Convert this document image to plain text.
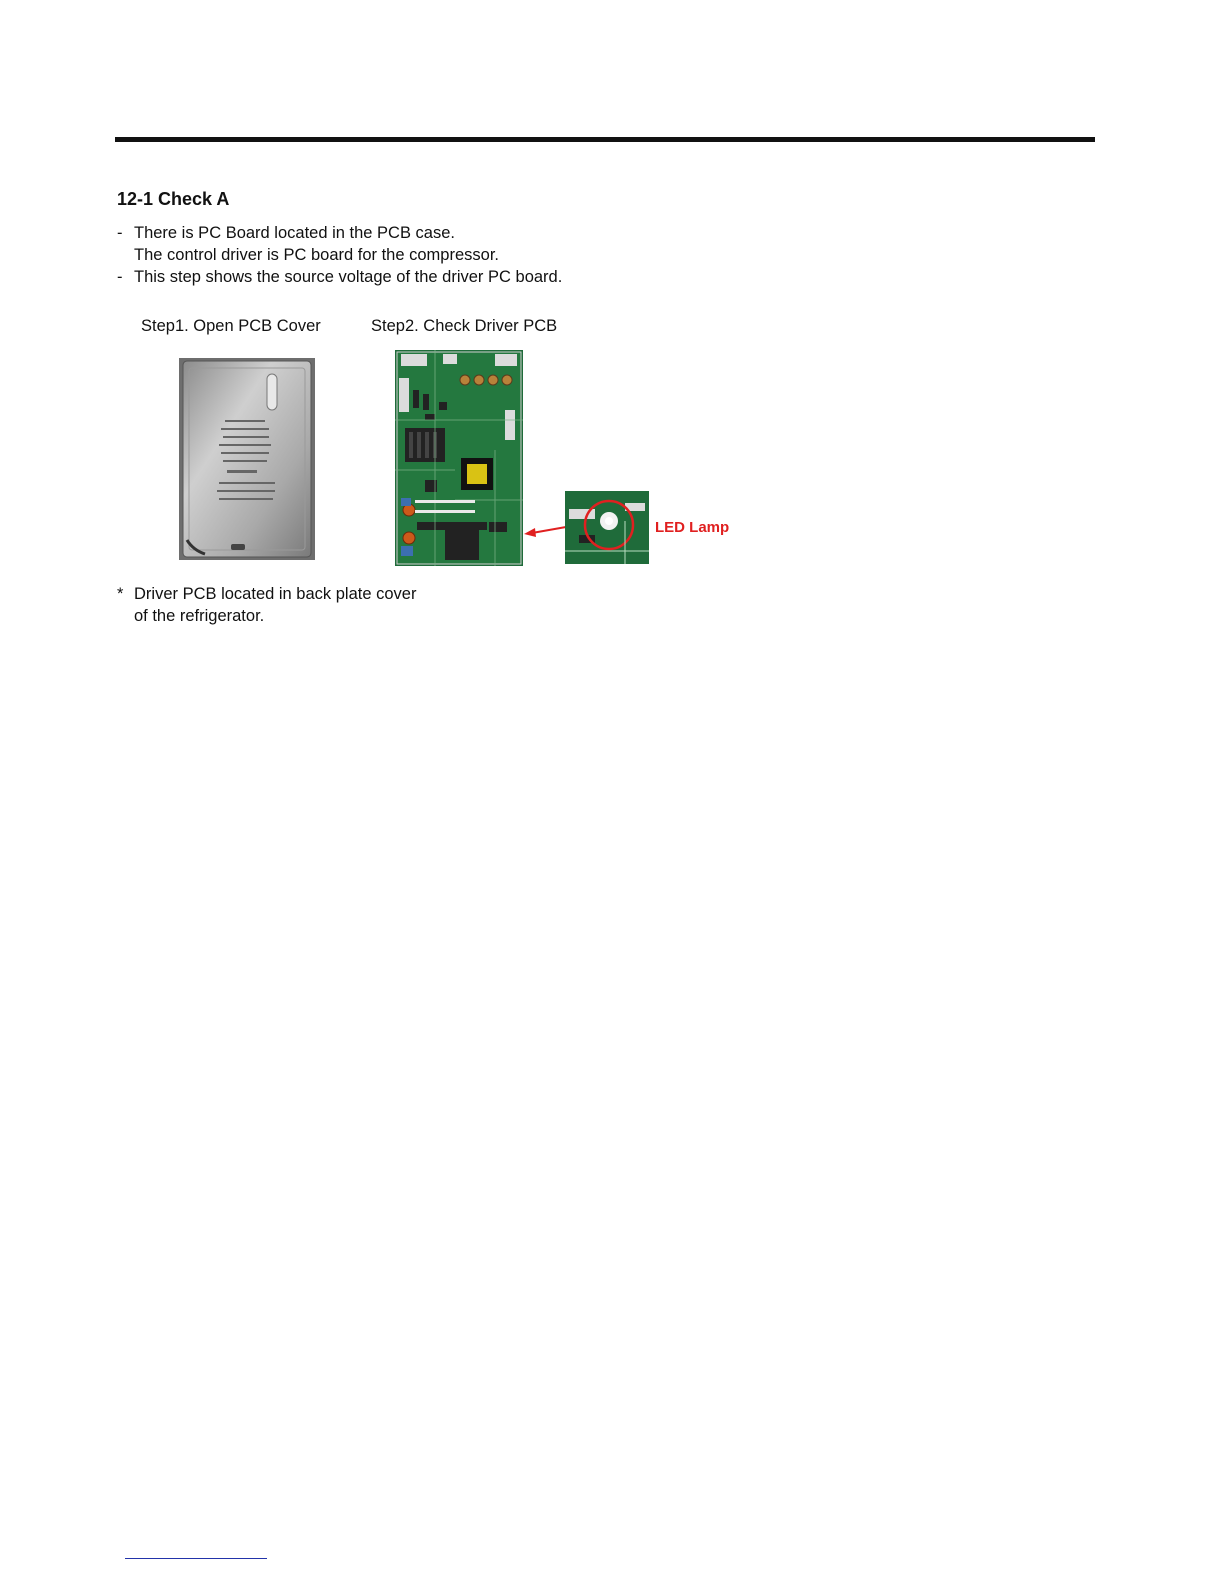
12-1 Check A
- There is PC Board located in the PCB case.
The control driver is PC board for the compressor.
- This step shows the source voltage of the driver PC board.
Step1. Open PCB Cover	Step2. Check Driver PCB
LED Lamp
* Driver PCB located in back plate cover
of the refrigerator.
